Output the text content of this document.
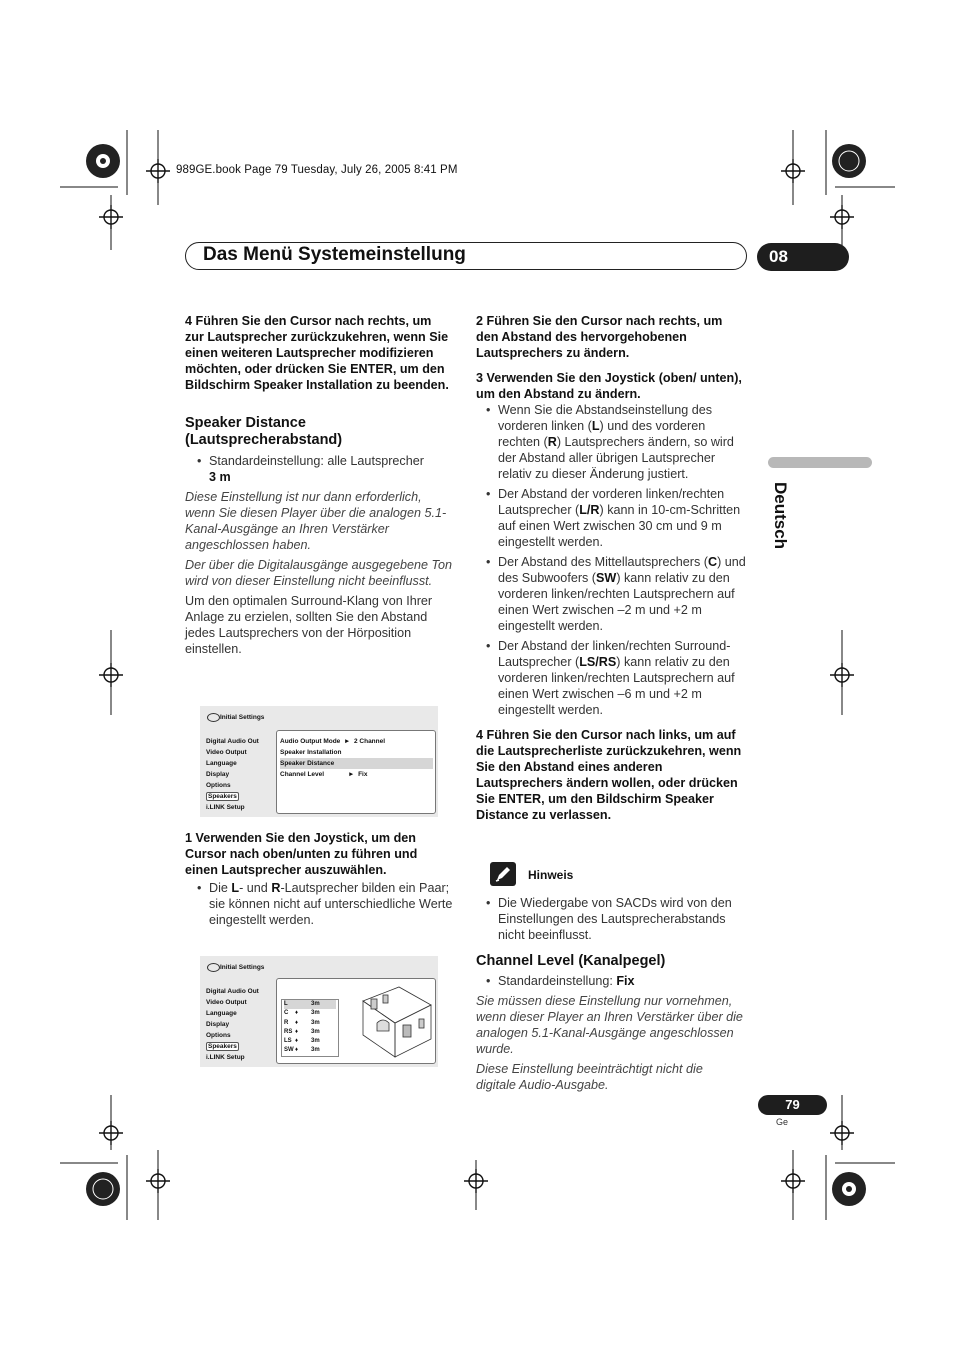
989GE.book Page 79 Tuesday, July 26, 2005 8:41 PM
Das Menü Systemeinstellung	08
Deutsch

4 Führen Sie den Cursor nach rechts, um zur Lautsprecher zurückzukehren, wenn Sie einen weiteren Lautsprecher modifizieren möchten, oder drücken Sie ENTER, um den Bildschirm Speaker Installation zu beenden.

Speaker Distance (Lautsprecherabstand)

• Standardeinstellung: alle Lautsprecher
3 m

Diese Einstellung ist nur dann erforderlich, wenn Sie diesen Player über die analogen 5.1-Kanal-Ausgänge an Ihren Verstärker angeschlossen haben.

Der über die Digitalausgänge ausgegebene Ton wird von dieser Einstellung nicht beeinflusst.

Um den optimalen Surround-Klang von Ihrer Anlage zu erzielen, sollten Sie den Abstand jedes Lautsprechers von der Hörposition einstellen.

Initial Settings
Digital Audio Out
Video Output
Language
Display
Options
Speakers
i.LINK Setup
Audio Output Mode ► 2 Channel
Speaker Installation
Speaker Distance
Channel Level	► Fix

1 Verwenden Sie den Joystick, um den Cursor nach oben/unten zu führen und einen Lautsprecher auszuwählen.

• Die L- und R-Lautsprecher bilden ein Paar; sie können nicht auf unterschiedliche Werte eingestellt werden.
Initial Settings
Digital Audio Out
Video Output
Language
Display
Options
Speakers
i.LINK Setup
L	3m
C ♦ 3m
R ♦ 3m
RS ♦ 3m
LS ♦ 3m
SW♦ 3m

2 Führen Sie den Cursor nach rechts, um den Abstand des hervorgehobenen Lautsprechers zu ändern.

3 Verwenden Sie den Joystick (oben/ unten), um den Abstand zu ändern.

• Wenn Sie die Abstandseinstellung des vorderen linken (L) und des vorderen rechten (R) Lautsprechers ändern, so wird der Abstand aller übrigen Lautsprecher relativ zu dieser Änderung justiert.
• Der Abstand der vorderen linken/rechten Lautsprecher (L/R) kann in 10-cm-Schritten auf einen Wert zwischen 30 cm und 9 m eingestellt werden.
• Der Abstand des Mittellautsprechers (C) und des Subwoofers (SW) kann relativ zu den vorderen linken/rechten Lautsprechern auf einen Wert zwischen –2 m und +2 m eingestellt werden.
• Der Abstand der linken/rechten Surround-Lautsprecher (LS/RS) kann relativ zu den vorderen linken/rechten Lautsprechern auf einen Wert zwischen –6 m und +2 m eingestellt werden.

4 Führen Sie den Cursor nach links, um auf die Lautsprecherliste zurückzukehren, wenn Sie den Abstand eines anderen Lautsprechers ändern wollen, oder drücken Sie ENTER, um den Bildschirm Speaker Distance zu verlassen.

Hinweis
• Die Wiedergabe von SACDs wird von den Einstellungen des Lautsprecherabstands nicht beeinflusst.

Channel Level (Kanalpegel)

• Standardeinstellung: Fix

Sie müssen diese Einstellung nur vornehmen, wenn dieser Player an Ihren Verstärker über die analogen 5.1-Kanal-Ausgänge angeschlossen wurde.

Diese Einstellung beeinträchtigt nicht die digitale Audio-Ausgabe.

79
Ge
